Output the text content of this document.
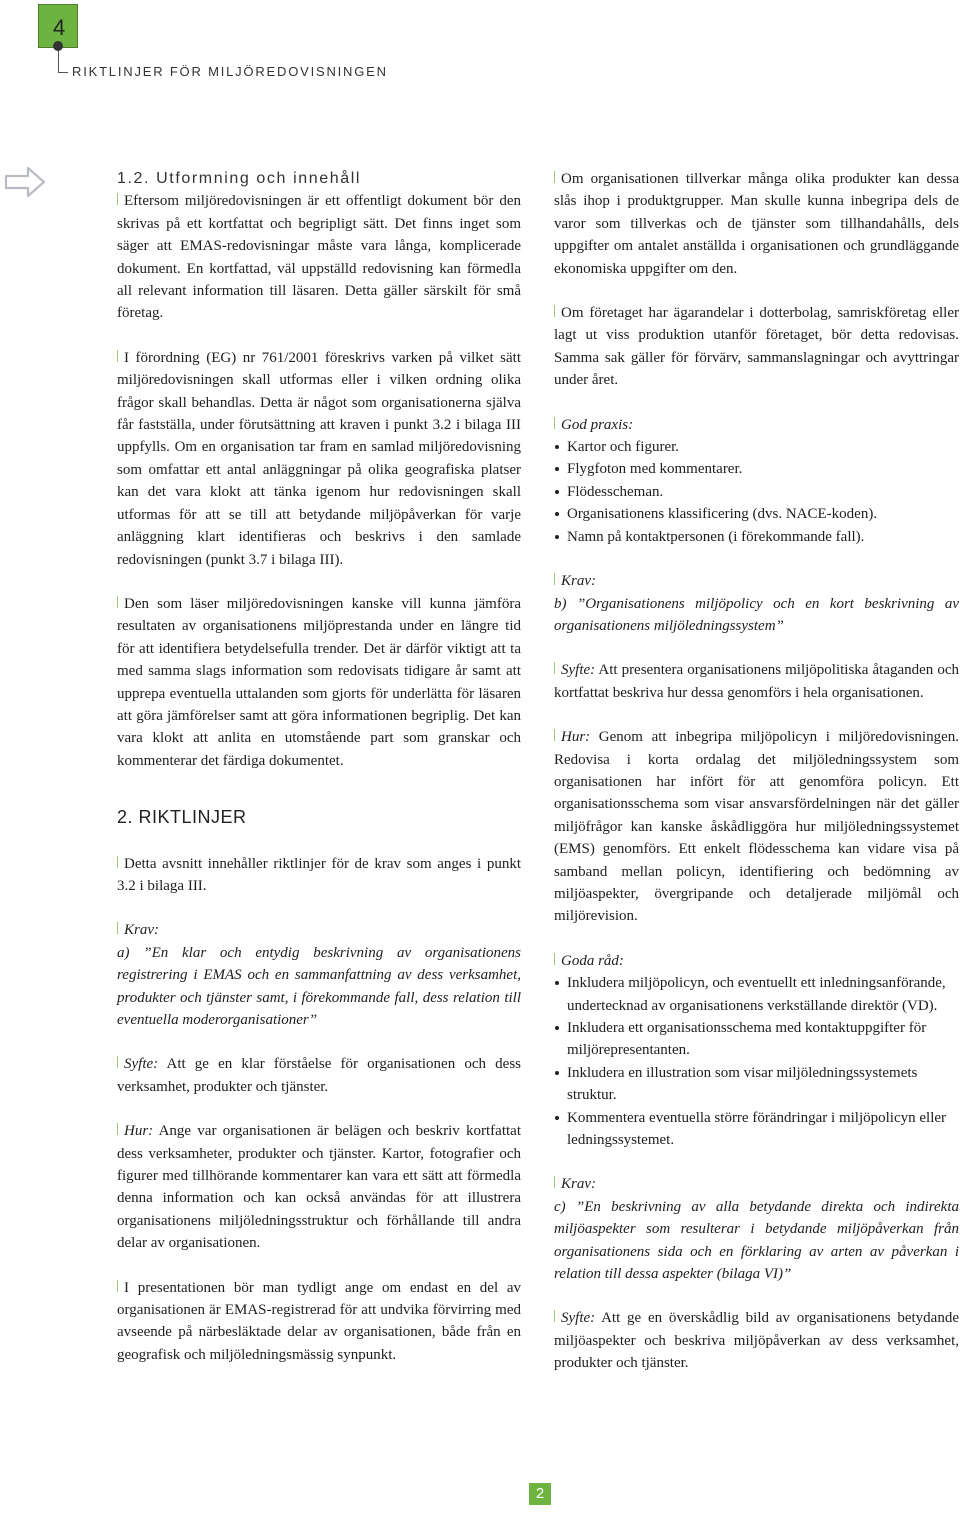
4
RIKTLINJER FÖR MILJÖREDOVISNINGEN

1.2. Utformning och innehåll

Eftersom miljöredovisningen är ett offentligt dokument bör den skrivas på ett kortfattat och begripligt sätt. Det finns inget som säger att EMAS-redovisningar måste vara långa, komplicerade dokument. En kortfattad, väl uppställd redovisning kan förmedla all relevant information till läsaren. Detta gäller särskilt för små företag.

I förordning (EG) nr 761/2001 föreskrivs varken på vilket sätt miljöredovisningen skall utformas eller i vilken ordning olika frågor skall behandlas. Detta är något som organisationerna själva får fastställa, under förutsättning att kraven i punkt 3.2 i bilaga III uppfylls. Om en organisation tar fram en samlad miljöredovisning som omfattar ett antal anläggningar på olika geografiska platser kan det vara klokt att tänka igenom hur redovisningen skall utformas för att se till att betydande miljöpåverkan för varje anläggning klart identifieras och beskrivs i den samlade redovisningen (punkt 3.7 i bilaga III).

Den som läser miljöredovisningen kanske vill kunna jämföra resultaten av organisationens miljöprestanda under en längre tid för att identifiera betydelsefulla trender. Det är därför viktigt att ta med samma slags information som redovisats tidigare år samt att upprepa eventuella uttalanden som gjorts för underlätta för läsaren att göra jämförelser samt att göra informationen begriplig. Det kan vara klokt att anlita en utomstående part som granskar och kommenterar det färdiga dokumentet.

2. RIKTLINJER

Detta avsnitt innehåller riktlinjer för de krav som anges i punkt 3.2 i bilaga III.

Krav:

a) ”En klar och entydig beskrivning av organisationens registrering i EMAS och en sammanfattning av dess verksamhet, produkter och tjänster samt, i förekommande fall, dess relation till eventuella moderorganisationer”

Syfte: Att ge en klar förståelse för organisationen och dess verksamhet, produkter och tjänster.

Hur: Ange var organisationen är belägen och beskriv kortfattat dess verksamheter, produkter och tjänster. Kartor, fotografier och figurer med tillhörande kommentarer kan vara ett sätt att förmedla denna information och kan också användas för att illustrera organisationens miljöledningsstruktur och förhållande till andra delar av organisationen.

I presentationen bör man tydligt ange om endast en del av organisationen är EMAS-registrerad för att undvika förvirring med avseende på närbesläktade delar av organisationen, både från en geografisk och miljöledningsmässig synpunkt.

Om organisationen tillverkar många olika produkter kan dessa slås ihop i produktgrupper. Man skulle kunna inbegripa dels de varor som tillverkas och de tjänster som tillhandahålls, dels uppgifter om antalet anställda i organisationen och grundläggande ekonomiska uppgifter om den.

Om företaget har ägarandelar i dotterbolag, samriskföretag eller lagt ut viss produktion utanför företaget, bör detta redovisas. Samma sak gäller för förvärv, sammanslagningar och avyttringar under året.

God praxis:

Kartor och figurer.
Flygfoton med kommentarer.
Flödesscheman.
Organisationens klassificering (dvs. NACE-koden).
Namn på kontaktpersonen (i förekommande fall).

Krav:

b) ”Organisationens miljöpolicy och en kort beskrivning av organisationens miljöledningssystem”

Syfte: Att presentera organisationens miljöpolitiska åtaganden och kortfattat beskriva hur dessa genomförs i hela organisationen.

Hur: Genom att inbegripa miljöpolicyn i miljöredovisningen. Redovisa i korta ordalag det miljöledningssystem som organisationen har infört för att genomföra policyn. Ett organisationsschema som visar ansvarsfördelningen när det gäller miljöfrågor kan kanske åskådliggöra hur miljöledningssystemet (EMS) genomförs. Ett enkelt flödesschema kan vidare visa på samband mellan policyn, identifiering och bedömning av miljöaspekter, övergripande och detaljerade miljömål och miljörevision.

Goda råd:

Inkludera miljöpolicyn, och eventuellt ett inledningsanförande, undertecknad av organisationens verkställande direktör (VD).
Inkludera ett organisationsschema med kontaktuppgifter för miljörepresentanten.
Inkludera en illustration som visar miljöledningssystemets struktur.
Kommentera eventuella större förändringar i miljöpolicyn eller ledningssystemet.

Krav:

c) ”En beskrivning av alla betydande direkta och indirekta miljöaspekter som resulterar i betydande miljöpåverkan från organisationens sida och en förklaring av arten av påverkan i relation till dessa aspekter (bilaga VI)”

Syfte: Att ge en överskådlig bild av organisationens betydande miljöaspekter och beskriva miljöpåverkan av dess verksamhet, produkter och tjänster.

2
